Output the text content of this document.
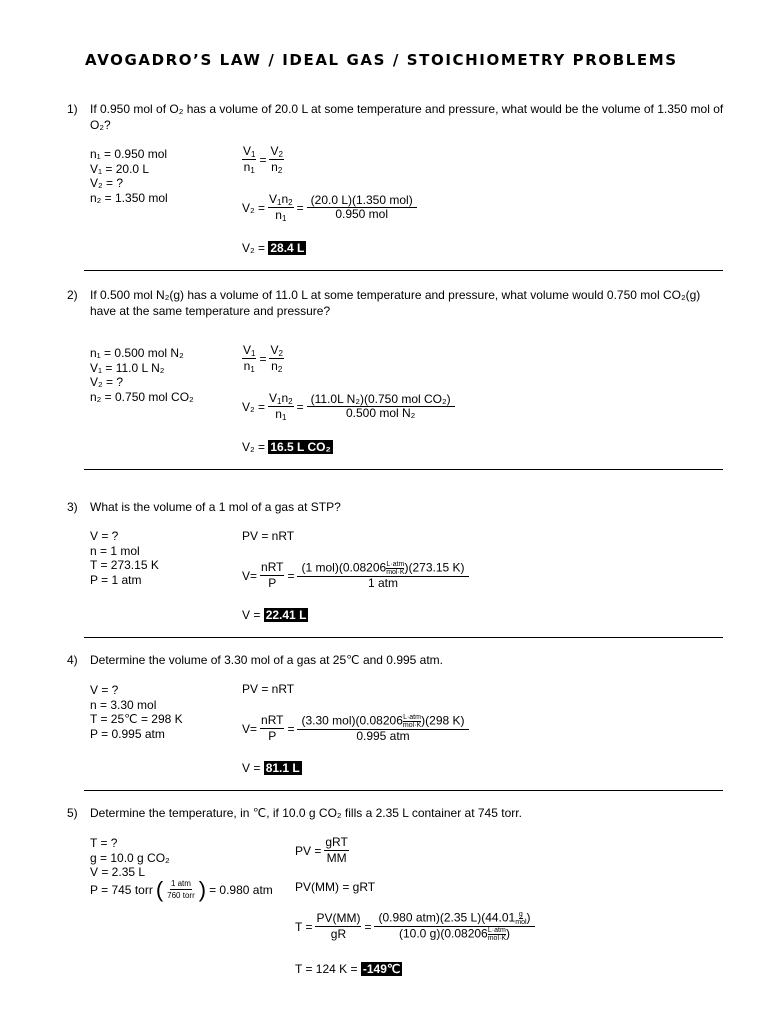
AVOGADRO’S LAW / IDEAL GAS / STOICHIOMETRY PROBLEMS
1) If 0.950 mol of O₂ has a volume of 20.0 L at some temperature and pressure, what would be the volume of 1.350 mol of O₂?
n₁ = 0.950 mol
V₁ = 20.0 L
V₂ = ?
n₂ = 1.350 mol
$\frac{V_1}{n_1} = \frac{V_2}{n_2}$
$V_2 = \frac{V_1n_2}{n_1} = \frac{\text{(20.0 L)(1.350 mol)}}{\text{0.950 mol}}$
V₂ = 28.4 L
2) If 0.500 mol N₂(g) has a volume of 11.0 L at some temperature and pressure, what volume would 0.750 mol CO₂(g) have at the same temperature and pressure?
n₁ = 0.500 mol N₂
V₁ = 11.0 L N₂
V₂ = ?
n₂ = 0.750 mol CO₂
$\frac{V_1}{n_1} = \frac{V_2}{n_2}$
$V_2 = \frac{V_1n_2}{n_1} = \frac{\text{(11.0L N₂)(0.750 mol CO₂)}}{\text{0.500 mol N₂}}$
V₂ = 16.5 L CO₂
3) What is the volume of a 1 mol of a gas at STP?
V = ?
n = 1 mol
T = 273.15 K
P = 1 atm
PV = nRT
$V= \frac{\text{nRT}}{P} = \frac{(1 mol)(0.08206 \frac{\text{L·atm}}{\text{mol·K}} )(273.15 K)}{\text{1 atm}}$
V = 22.41 L
4) Determine the volume of 3.30 mol of a gas at 25℃ and 0.995 atm.
V = ?
n = 3.30 mol
T = 25℃ = 298 K
P = 0.995 atm
PV = nRT
$V= \frac{\text{nRT}}{P} = \frac{(3.30 mol)(0.08206 \frac{\text{L·atm}}{\text{mol·K}} )(298 K)}{\text{0.995 atm}}$
V = 81.1 L
5) Determine the temperature, in ℃, if 10.0 g CO₂ fills a 2.35 L container at 745 torr.
T = ?
g = 10.0 g CO₂
V = 2.35 L
P = 745 torr ( $\frac{\text{1 atm}}{\text{760 torr}}$ ) = 0.980 atm
PV = $\frac{\text{gRT}}{MM}$
PV(MM) = gRT
$T = \frac{PV(MM)}{gR} = \frac{(0.980 atm)(2.35 L)(44.01 \frac{g}{\text{mol}} )}{(10.0 g)(0.08206 \frac{\text{L·atm}}{\text{mol·K}} )}$
T = 124 K = -149℃
